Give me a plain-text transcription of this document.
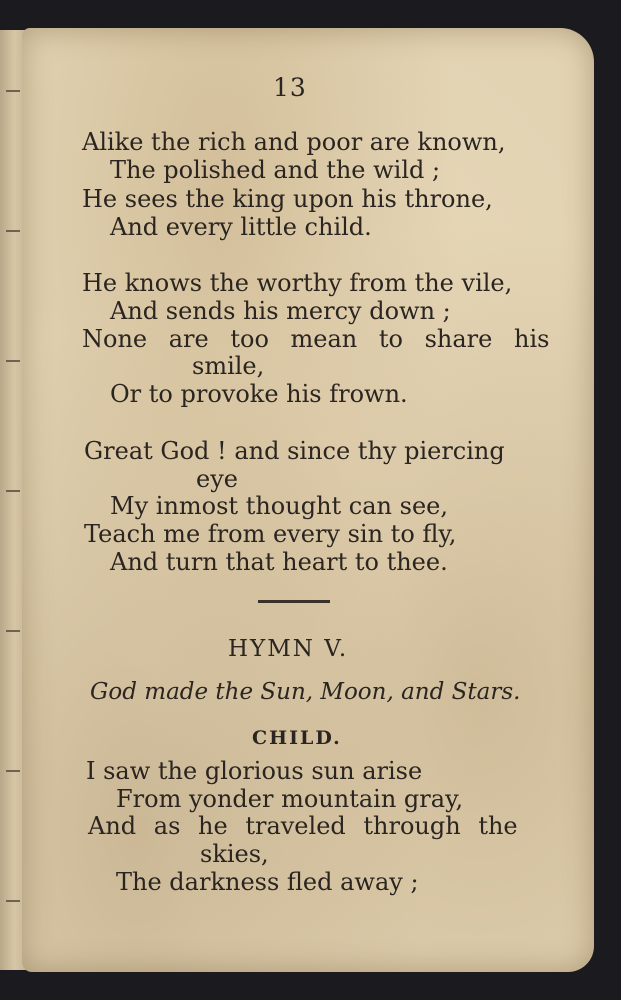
13

Alike the rich and poor are known,

The polished and the wild ;

He sees the king upon his throne,

And every little child.

He knows the worthy from the vile,

And sends his mercy down ;

None are too mean to share his

smile,

Or to provoke his frown.

Great God ! and since thy piercing

eye

My inmost thought can see,

Teach me from every sin to fly,

And turn that heart to thee.

HYMN V.

God made the Sun, Moon, and Stars.

CHILD.

I saw the glorious sun arise

From yonder mountain gray,

And as he traveled through the

skies,

The darkness fled away ;
